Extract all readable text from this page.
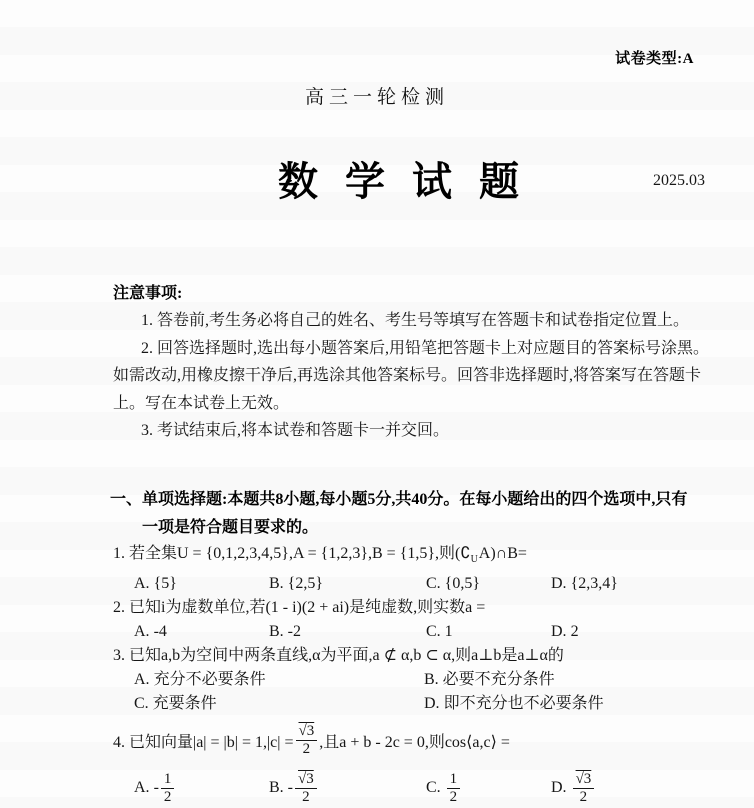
试卷类型:A
高三一轮检测
数学试题	2025.03
注意事项:
1. 答卷前,考生务必将自己的姓名、考生号等填写在答题卡和试卷指定位置上。
2. 回答选择题时,选出每小题答案后,用铅笔把答题卡上对应题目的答案标号涂黑。
如需改动,用橡皮擦干净后,再选涂其他答案标号。回答非选择题时,将答案写在答题卡
上。写在本试卷上无效。
3. 考试结束后,将本试卷和答题卡一并交回。
一、单项选择题:本题共8小题,每小题5分,共40分。在每小题给出的四个选项中,只有
一项是符合题目要求的。
1. 若全集U = {0,1,2,3,4,5},A = {1,2,3},B = {1,5},则$(∁_UA)\cap B=$
A. {5}	B. {2,5}	C. {0,5}	D. {2,3,4}
2. 已知i为虚数单位,若(1 - i)(2 + ai)是纯虚数,则实数a =
A. -4	B. -2	C. 1	D. 2
3. 已知a,b为空间中两条直线,α为平面,a ⊄ α,b ⊂ α,则a⊥b是a⊥α的
A. 充分不必要条件	B. 必要不充分条件
C. 充要条件	D. 即不充分也不必要条件
4. 已知向量$|a| = |b| = 1,|c| = \frac{√3}{2}$ ,且a + b - 2c = 0,则cos⟨a,c⟩ =
A. - $\frac{1}{2}$	B. - $\frac{√3}{2}$	C. $\frac{1}{2}$	D. $\frac{√3}{2}$
